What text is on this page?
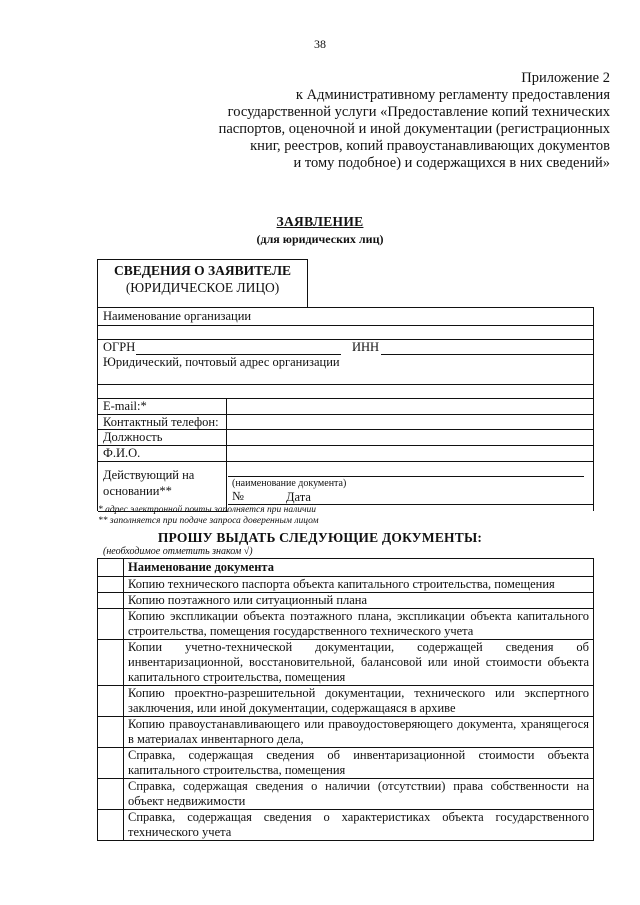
38
Приложение 2
к Административному регламенту предоставления
государственной услуги «Предоставление копий технических
паспортов, оценочной и иной документации (регистрационных
книг, реестров, копий правоустанавливающих документов
и тому подобное) и содержащихся в них сведений»
ЗАЯВЛЕНИЕ
(для юридических лиц)
СВЕДЕНИЯ О ЗАЯВИТЕЛЕ
(ЮРИДИЧЕСКОЕ ЛИЦО)
Наименование организации
ОГРН	ИНН
Юридический, почтовый адрес организации
E-mail:*
Контактный телефон:
Должность
Ф.И.О.
Действующий на
основании**
(наименование документа)
№	Дата
* адрес электронной почты заполняется при наличии
** заполняется при подаче запроса доверенным лицом
ПРОШУ ВЫДАТЬ СЛЕДУЮЩИЕ ДОКУМЕНТЫ:
(необходимое отметить знаком √)
	Наименование документа
	Копию технического паспорта объекта капитального строительства, помещения
	Копию поэтажного или ситуационный плана
	Копию экспликации объекта поэтажного плана, экспликации объекта капитального строительства, помещения государственного технического учета
	Копии учетно-технической документации, содержащей сведения об инвентаризационной, восстановительной, балансовой или иной стоимости объекта капитального строительства, помещения
	Копию проектно-разрешительной документации, технического или экспертного заключения, или иной документации, содержащаяся в архиве
	Копию правоустанавливающего или правоудостоверяющего документа, хранящегося в материалах инвентарного дела,
	Справка, содержащая сведения об инвентаризационной стоимости объекта капитального строительства, помещения
	Справка, содержащая сведения о наличии (отсутствии) права собственности на объект недвижимости
	Справка, содержащая сведения о характеристиках объекта государственного технического учета
